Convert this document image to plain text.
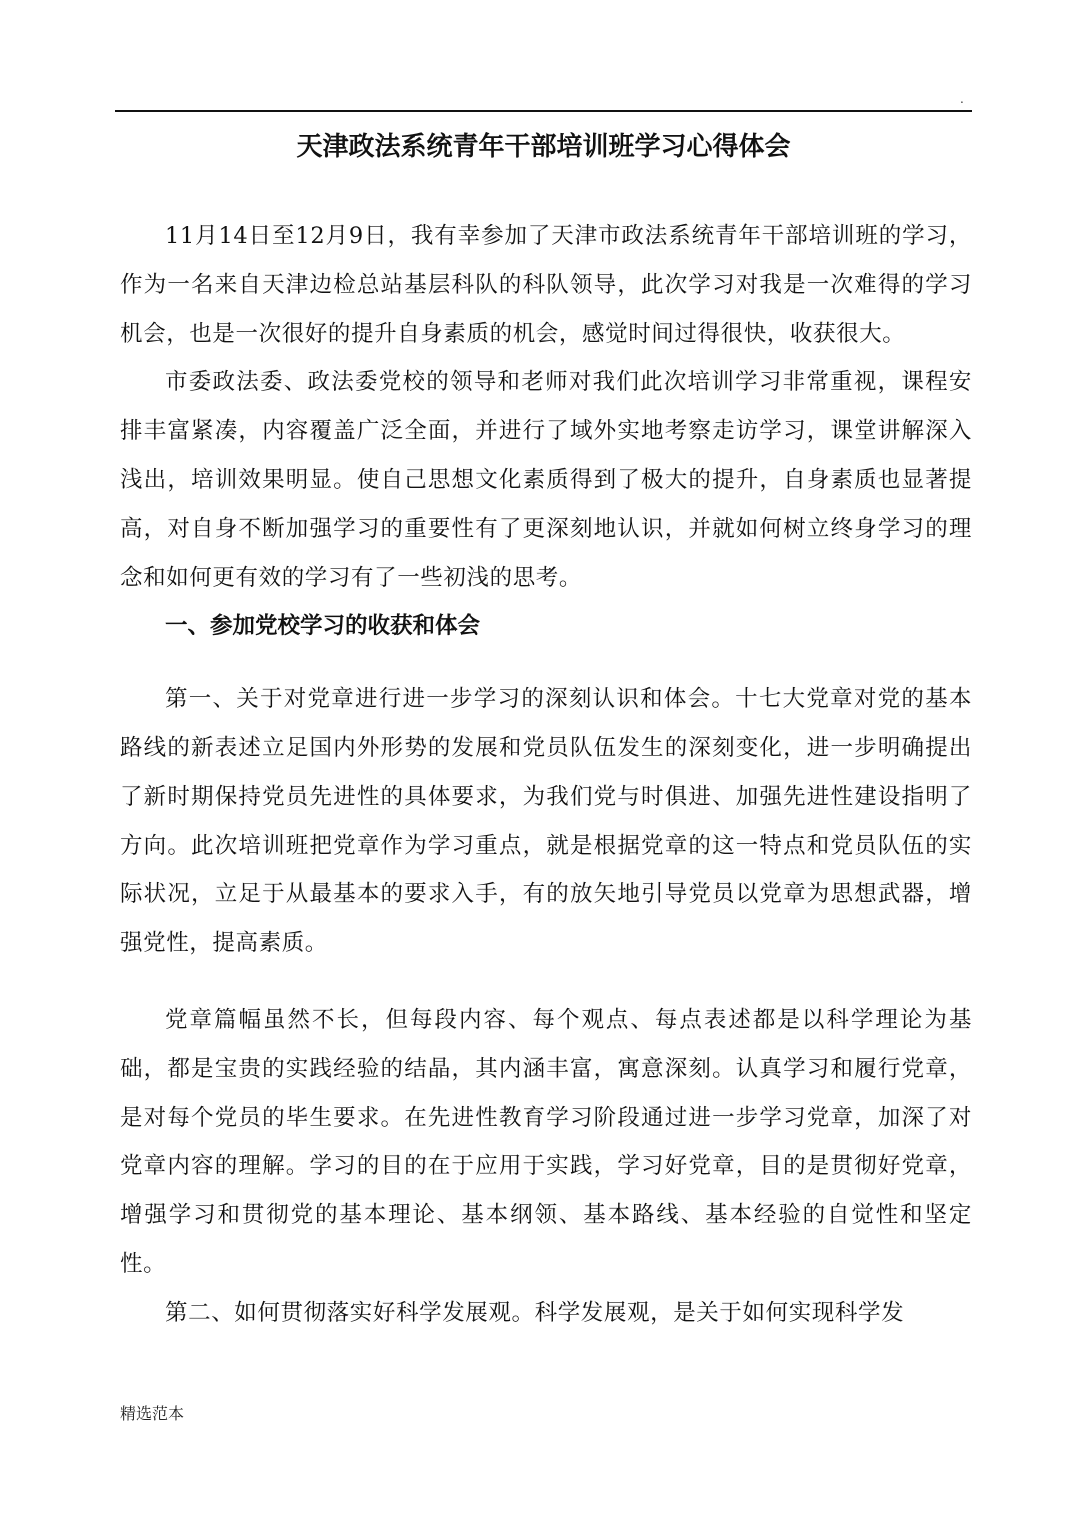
.
天津政法系统青年干部培训班学习心得体会

11月14日至12月9日，我有幸参加了天津市政法系统青年干部培训班的学习，作为一名来自天津边检总站基层科队的科队领导，此次学习对我是一次难得的学习机会，也是一次很好的提升自身素质的机会，感觉时间过得很快，收获很大。

市委政法委、政法委党校的领导和老师对我们此次培训学习非常重视，课程安排丰富紧凑，内容覆盖广泛全面，并进行了域外实地考察走访学习，课堂讲解深入浅出，培训效果明显。使自己思想文化素质得到了极大的提升，自身素质也显著提高，对自身不断加强学习的重要性有了更深刻地认识，并就如何树立终身学习的理念和如何更有效的学习有了一些初浅的思考。

一、参加党校学习的收获和体会

第一、关于对党章进行进一步学习的深刻认识和体会。十七大党章对党的基本路线的新表述立足国内外形势的发展和党员队伍发生的深刻变化，进一步明确提出了新时期保持党员先进性的具体要求，为我们党与时俱进、加强先进性建设指明了方向。此次培训班把党章作为学习重点，就是根据党章的这一特点和党员队伍的实际状况，立足于从最基本的要求入手，有的放矢地引导党员以党章为思想武器，增强党性，提高素质。

党章篇幅虽然不长，但每段内容、每个观点、每点表述都是以科学理论为基础，都是宝贵的实践经验的结晶，其内涵丰富，寓意深刻。认真学习和履行党章，是对每个党员的毕生要求。在先进性教育学习阶段通过进一步学习党章，加深了对党章内容的理解。学习的目的在于应用于实践，学习好党章，目的是贯彻好党章，增强学习和贯彻党的基本理论、基本纲领、基本路线、基本经验的自觉性和坚定性。

第二、如何贯彻落实好科学发展观。科学发展观，是关于如何实现科学发

精选范本
